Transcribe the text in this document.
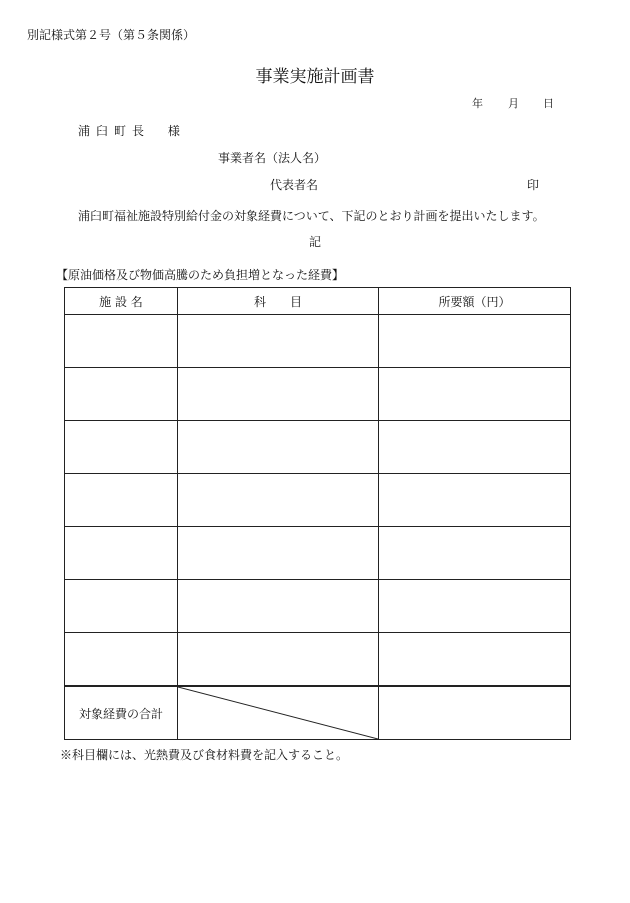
別記様式第２号（第５条関係）
事業実施計画書
年 月 日
浦臼町長 様
事業者名（法人名）
代表者名	印
浦臼町福祉施設特別給付金の対象経費について、下記のとおり計画を提出いたします。
記
【原油価格及び物価高騰のため負担増となった経費】
施 設 名	科　　目	所要額（円）

対象経費の合計	

※科目欄には、光熱費及び食材料費を記入すること。
